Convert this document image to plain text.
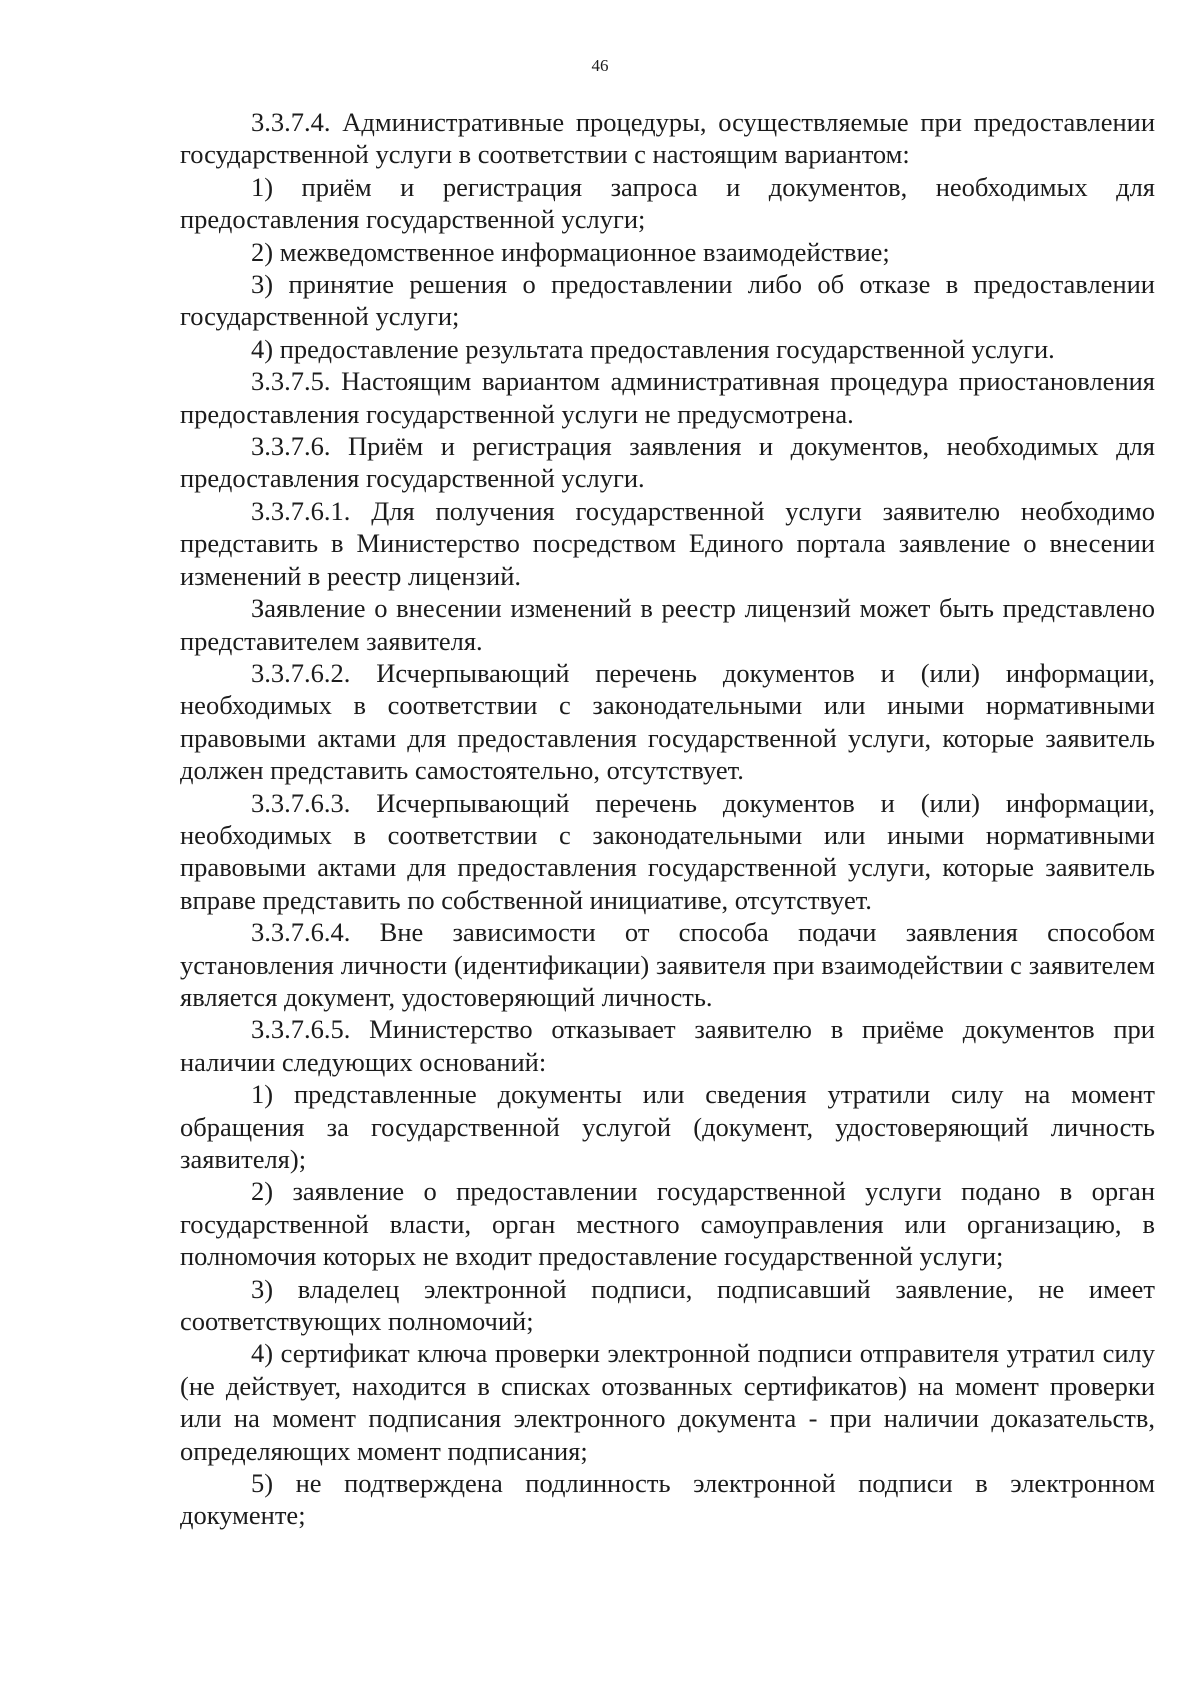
46

3.3.7.4. Административные процедуры, осуществляемые при предоставлении государственной услуги в соответствии с настоящим вариантом:

1) приём и регистрация запроса и документов, необходимых для предоставления государственной услуги;

2) межведомственное информационное взаимодействие;

3) принятие решения о предоставлении либо об отказе в предоставлении государственной услуги;

4) предоставление результата предоставления государственной услуги.

3.3.7.5. Настоящим вариантом административная процедура приостановления предоставления государственной услуги не предусмотрена.

3.3.7.6. Приём и регистрация заявления и документов, необходимых для предоставления государственной услуги.

3.3.7.6.1. Для получения государственной услуги заявителю необходимо представить в Министерство посредством Единого портала заявление о внесении изменений в реестр лицензий.

Заявление о внесении изменений в реестр лицензий может быть представлено представителем заявителя.

3.3.7.6.2. Исчерпывающий перечень документов и (или) информации, необходимых в соответствии с законодательными или иными нормативными правовыми актами для предоставления государственной услуги, которые заявитель должен представить самостоятельно, отсутствует.

3.3.7.6.3. Исчерпывающий перечень документов и (или) информации, необходимых в соответствии с законодательными или иными нормативными правовыми актами для предоставления государственной услуги, которые заявитель вправе представить по собственной инициативе, отсутствует.

3.3.7.6.4. Вне зависимости от способа подачи заявления способом установления личности (идентификации) заявителя при взаимодействии с заявителем является документ, удостоверяющий личность.

3.3.7.6.5. Министерство отказывает заявителю в приёме документов при наличии следующих оснований:

1) представленные документы или сведения утратили силу на момент обращения за государственной услугой (документ, удостоверяющий личность заявителя);

2) заявление о предоставлении государственной услуги подано в орган государственной власти, орган местного самоуправления или организацию, в полномочия которых не входит предоставление государственной услуги;

3) владелец электронной подписи, подписавший заявление, не имеет соответствующих полномочий;

4) сертификат ключа проверки электронной подписи отправителя утратил силу (не действует, находится в списках отозванных сертификатов) на момент проверки или на момент подписания электронного документа - при наличии доказательств, определяющих момент подписания;

5) не подтверждена подлинность электронной подписи в электронном документе;
